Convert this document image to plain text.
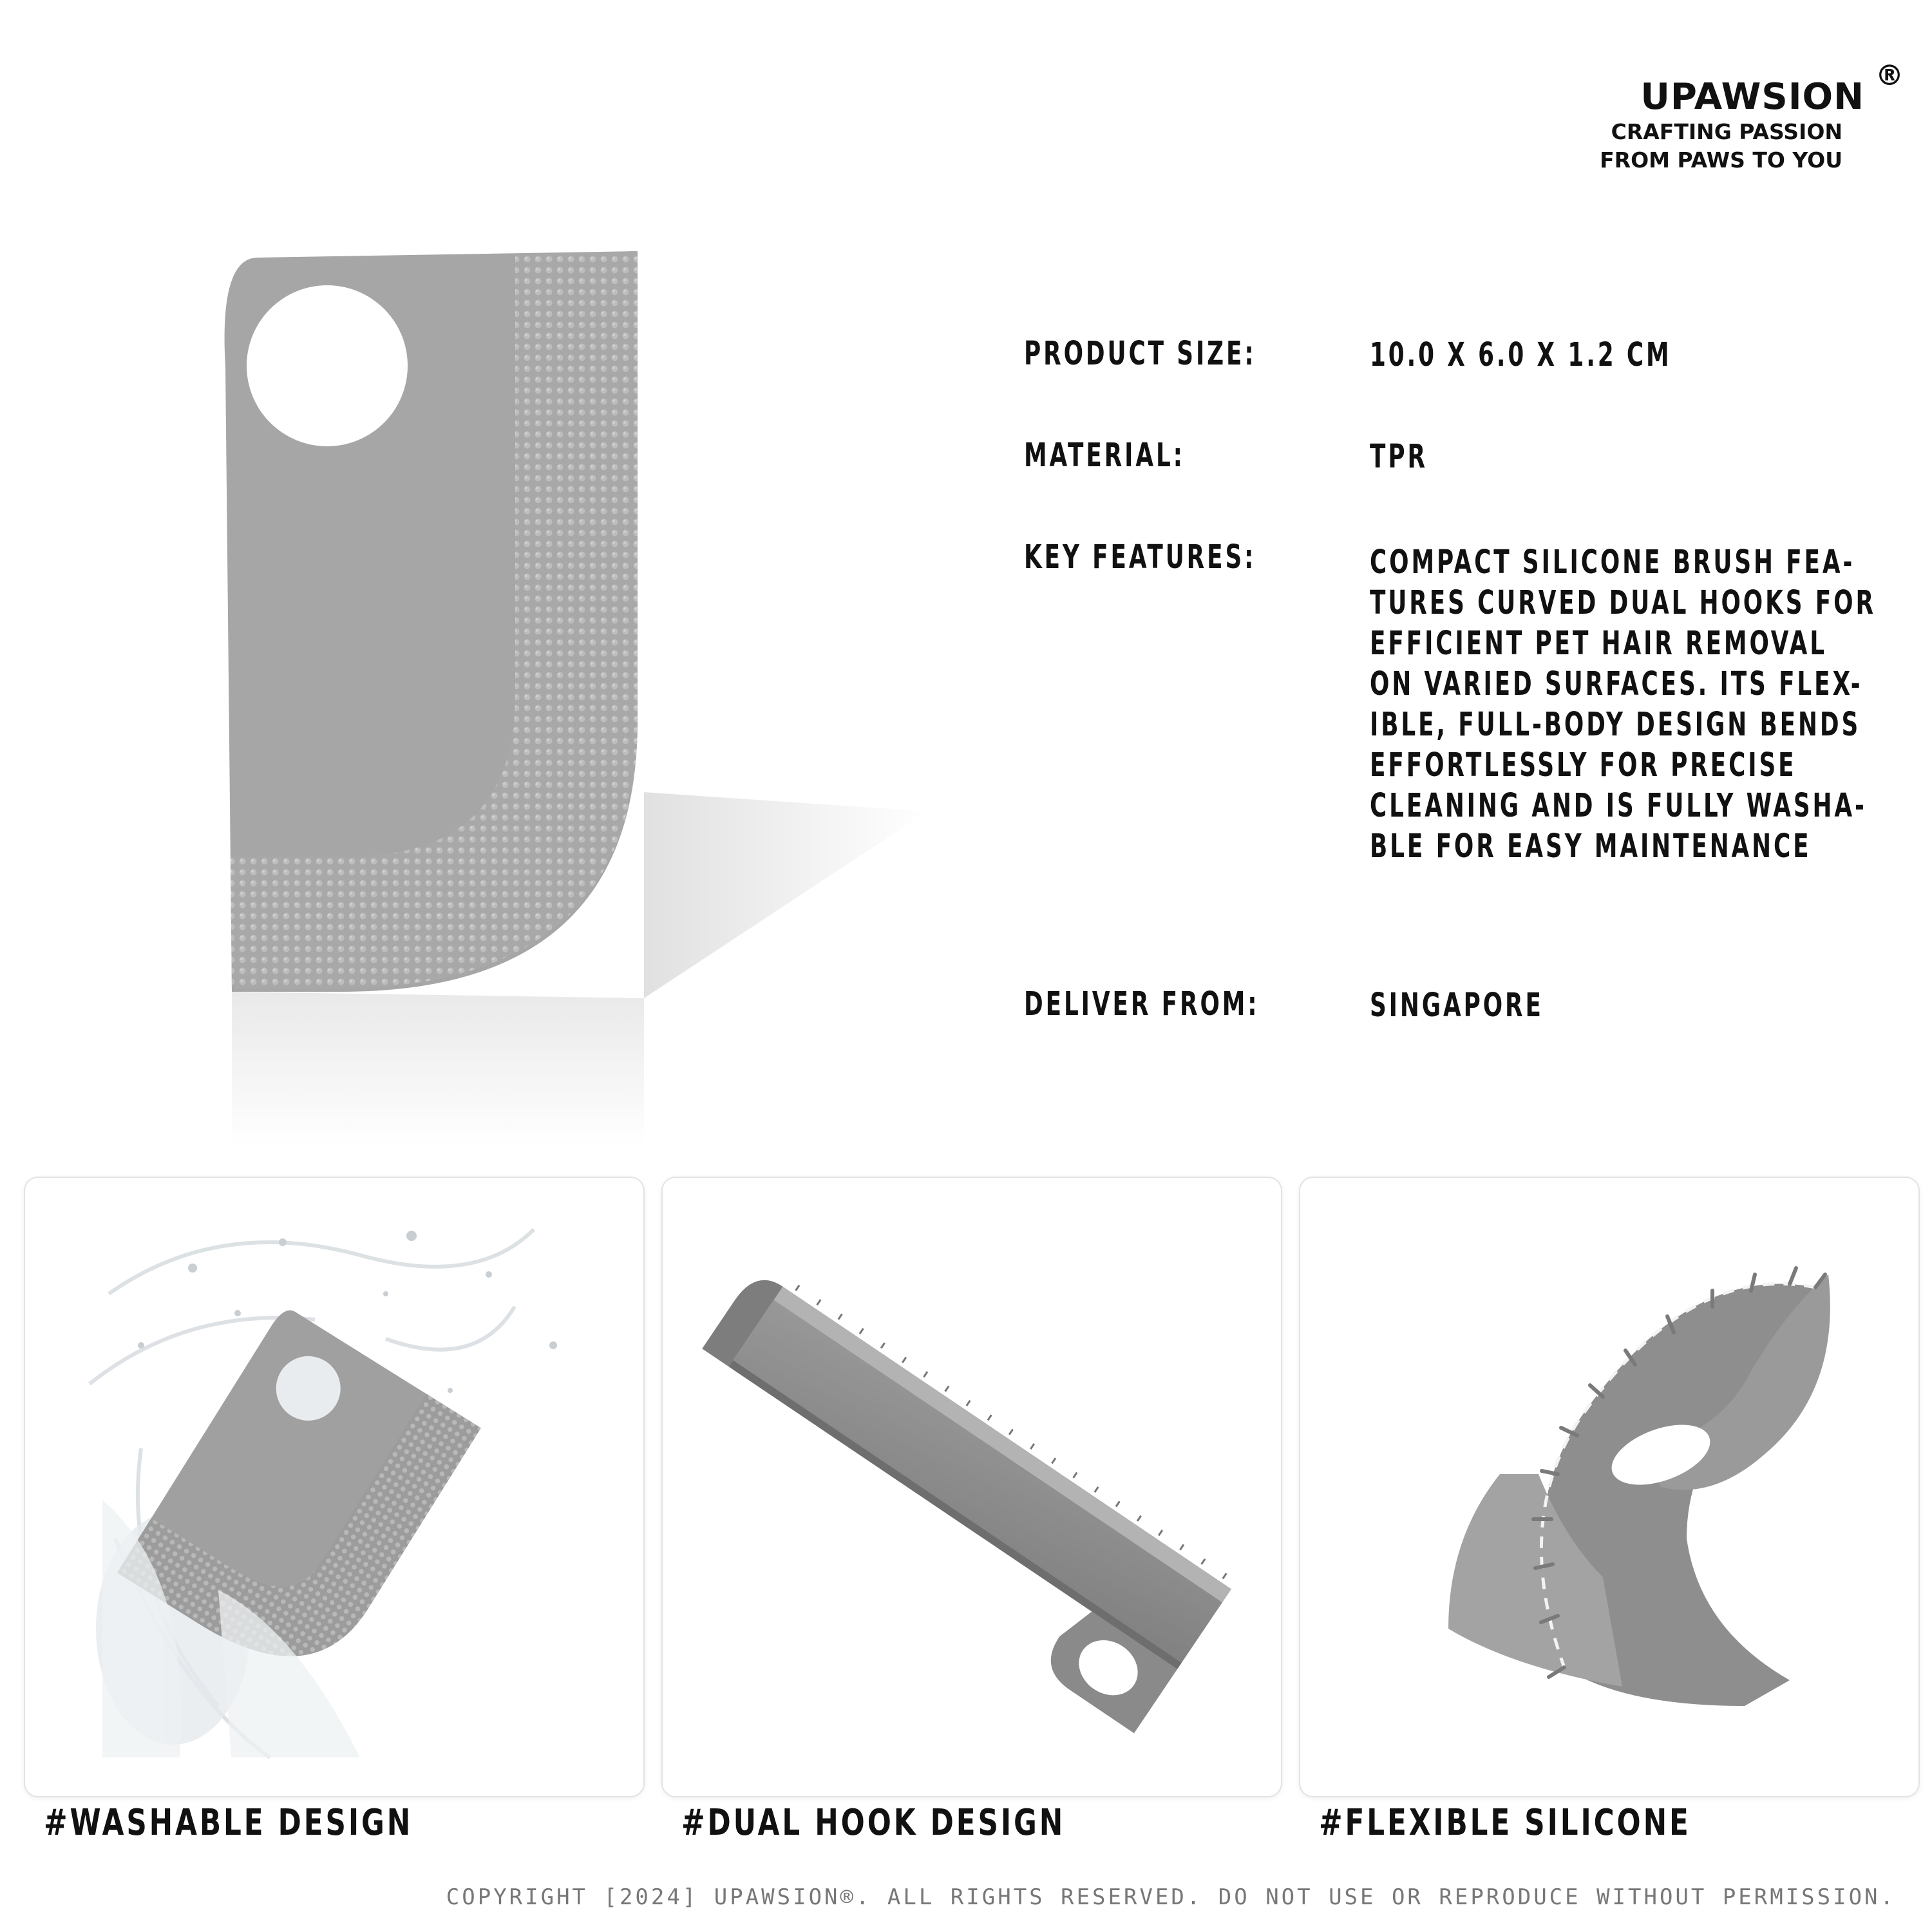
UPAWSION
®
CRAFTING PASSION
FROM PAWS TO YOU
PRODUCT SIZE:	10.0 X 6.0 X 1.2 CM
MATERIAL:	TPR
KEY FEATURES:	COMPACT SILICONE BRUSH FEA-
TURES CURVED DUAL HOOKS FOR
EFFICIENT PET HAIR REMOVAL
ON VARIED SURFACES. ITS FLEX-
IBLE, FULL-BODY DESIGN BENDS
EFFORTLESSLY FOR PRECISE
CLEANING AND IS FULLY WASHA-
BLE FOR EASY MAINTENANCE
DELIVER FROM:	SINGAPORE
#WASHABLE DESIGN	#DUAL HOOK DESIGN	#FLEXIBLE SILICONE
COPYRIGHT [2024] UPAWSION®. ALL RIGHTS RESERVED. DO NOT USE OR REPRODUCE WITHOUT PERMISSION.
